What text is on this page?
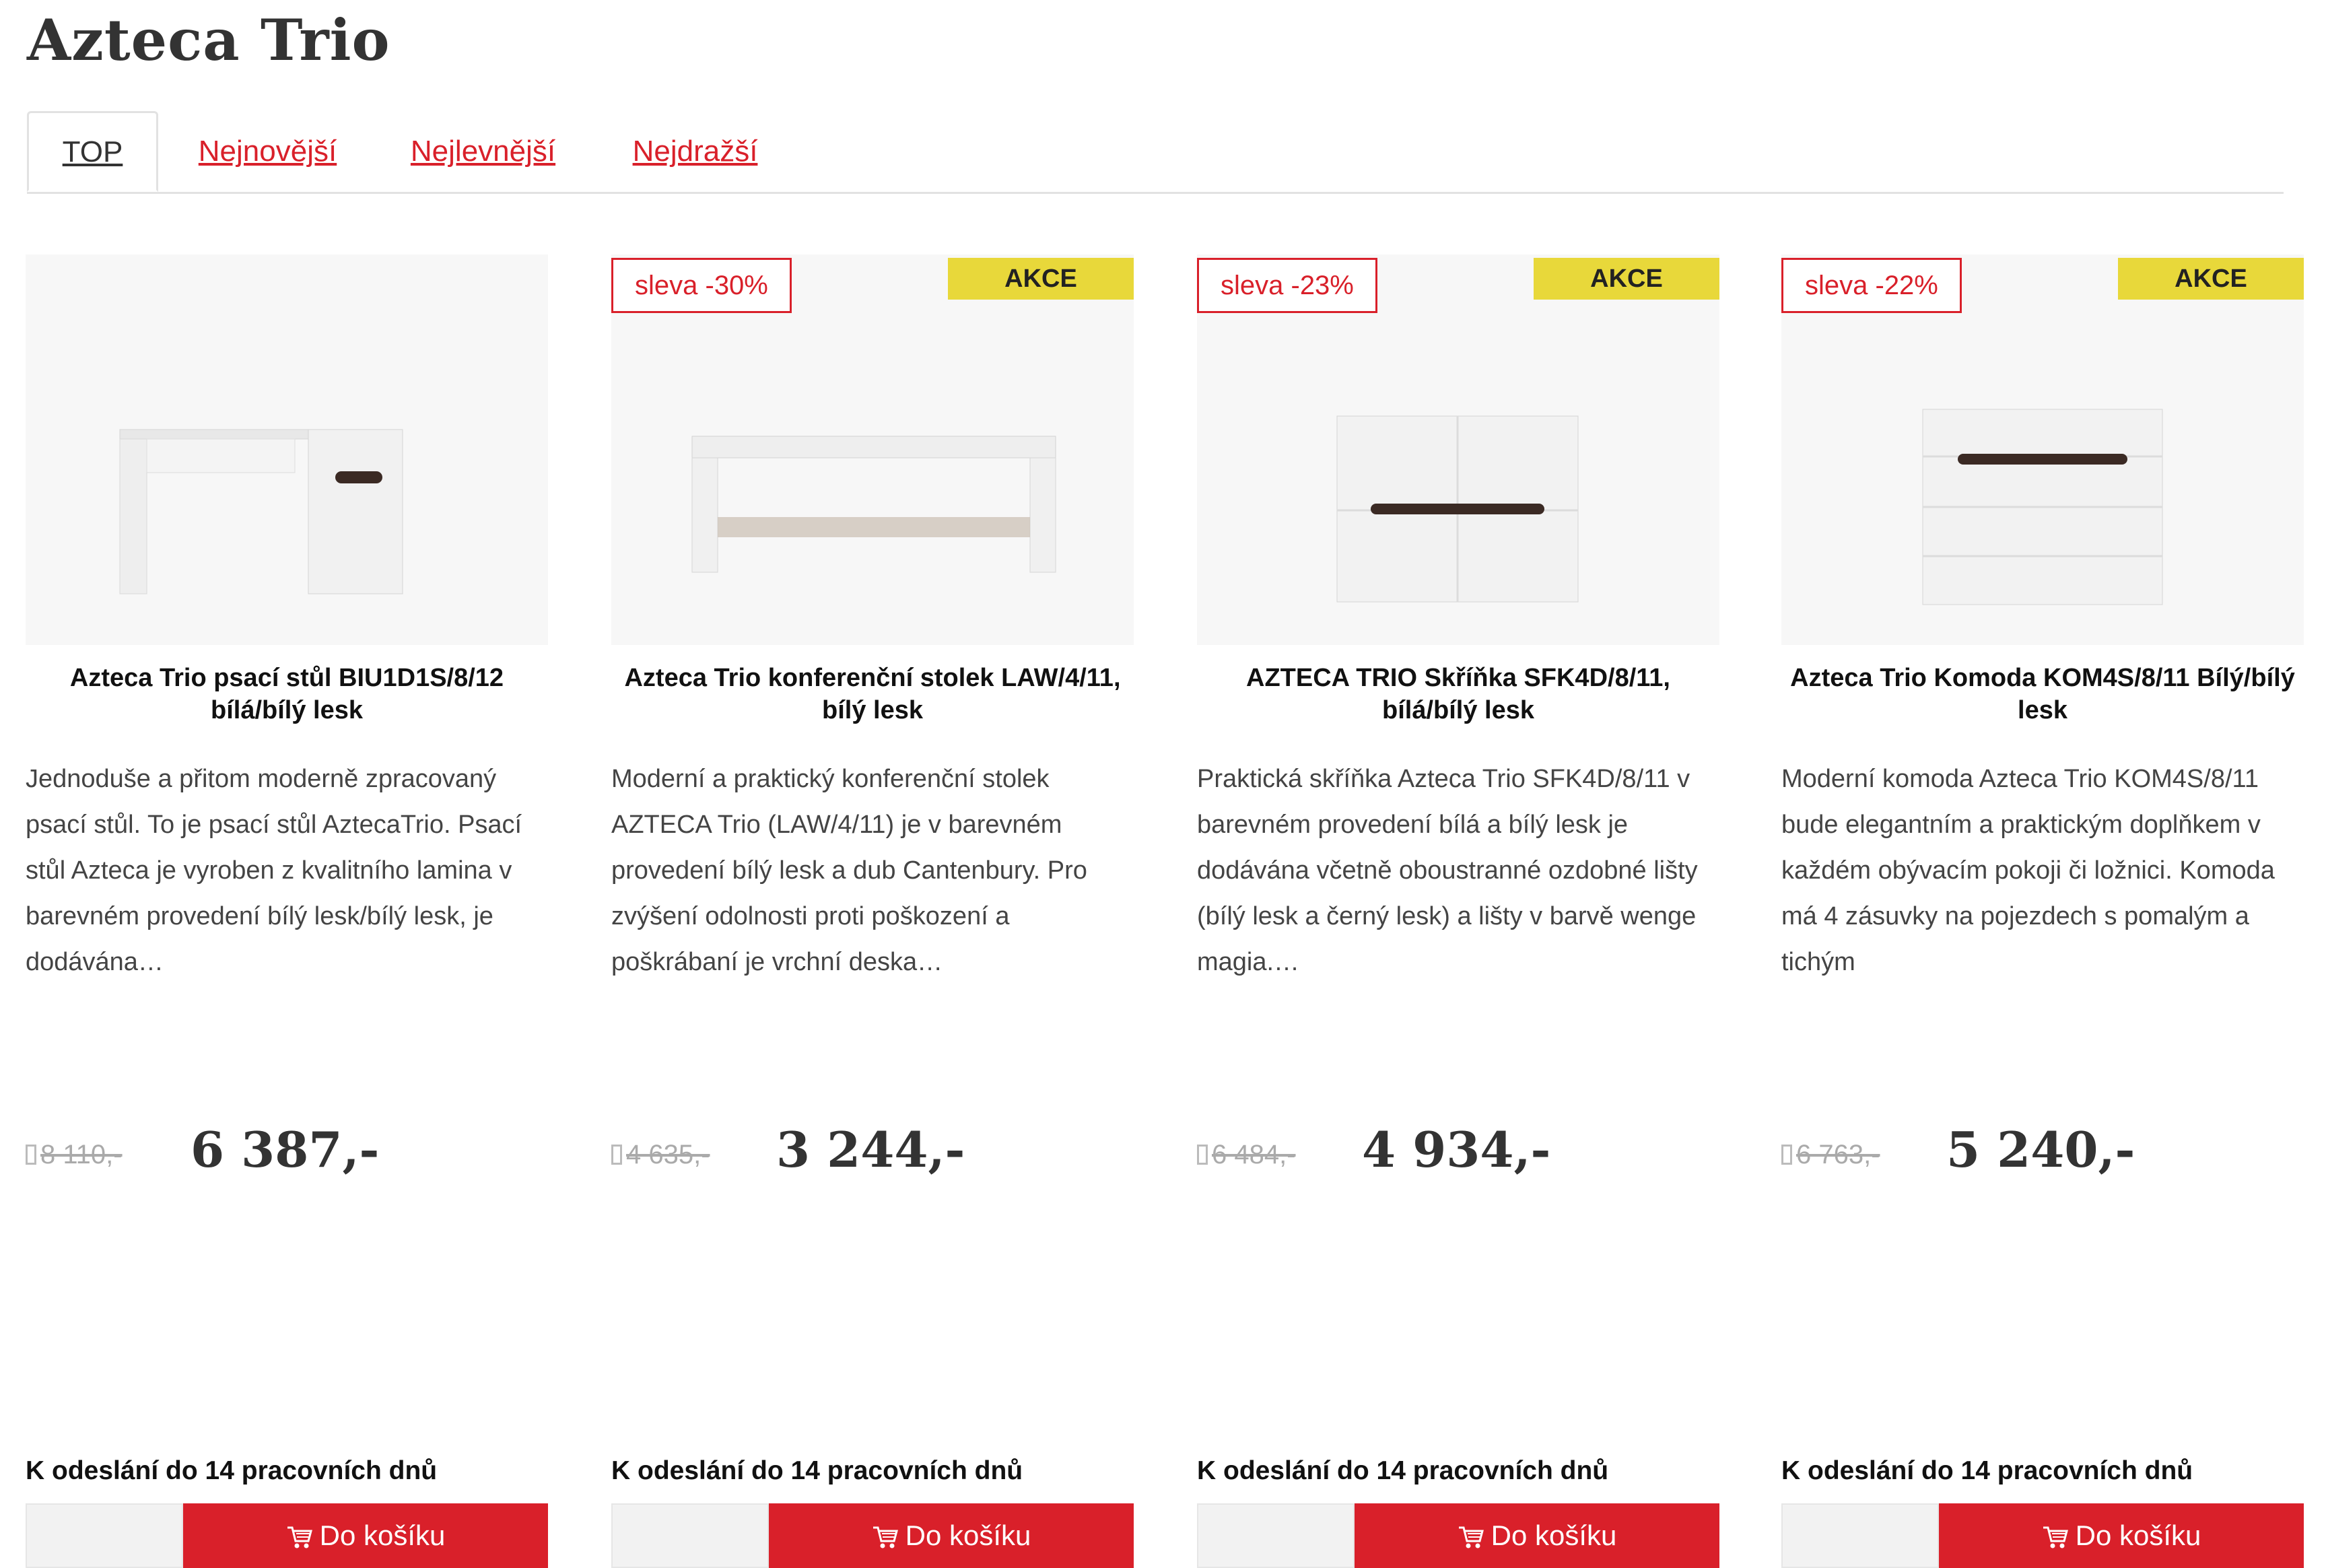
Azteca Trio
TOP	Nejnovější	Nejlevnější	Nejdražší
Azteca Trio psací stůl BIU1D1S/8/12 bílá/bílý lesk
Jednoduše a přitom moderně zpracovaný psací stůl. To je psací stůl AztecaTrio. Psací stůl Azteca je vyroben z kvalitního lamina v barevném provedení bílý lesk/bílý lesk, je dodávána…
K odeslání do 14 pracovních dnů
Do košíku
8 110,- 6 387,-
sleva -30%	AKCE
Azteca Trio konferenční stolek LAW/4/11, bílý lesk
Moderní a praktický konferenční stolek AZTECA Trio (LAW/4/11) je v barevném provedení bílý lesk a dub Cantenbury. Pro zvýšení odolnosti proti poškození a poškrábaní je vrchní deska…
K odeslání do 14 pracovních dnů
Do košíku
4 635,- 3 244,-
sleva -23%	AKCE
AZTECA TRIO Skříňka SFK4D/8/11, bílá/bílý lesk
Praktická skříňka Azteca Trio SFK4D/8/11 v barevném provedení bílá a bílý lesk je dodávána včetně oboustranné ozdobné lišty (bílý lesk a černý lesk) a lišty v barvě wenge magia.…
K odeslání do 14 pracovních dnů
Do košíku
6 484,- 4 934,-
sleva -22%	AKCE
Azteca Trio Komoda KOM4S/8/11 Bílý/bílý lesk
Moderní komoda Azteca Trio KOM4S/8/11 bude elegantním a praktickým doplňkem v každém obývacím pokoji či ložnici. Komoda má 4 zásuvky na pojezdech s pomalým a tichým
K odeslání do 14 pracovních dnů
Do košíku
6 763,- 5 240,-
